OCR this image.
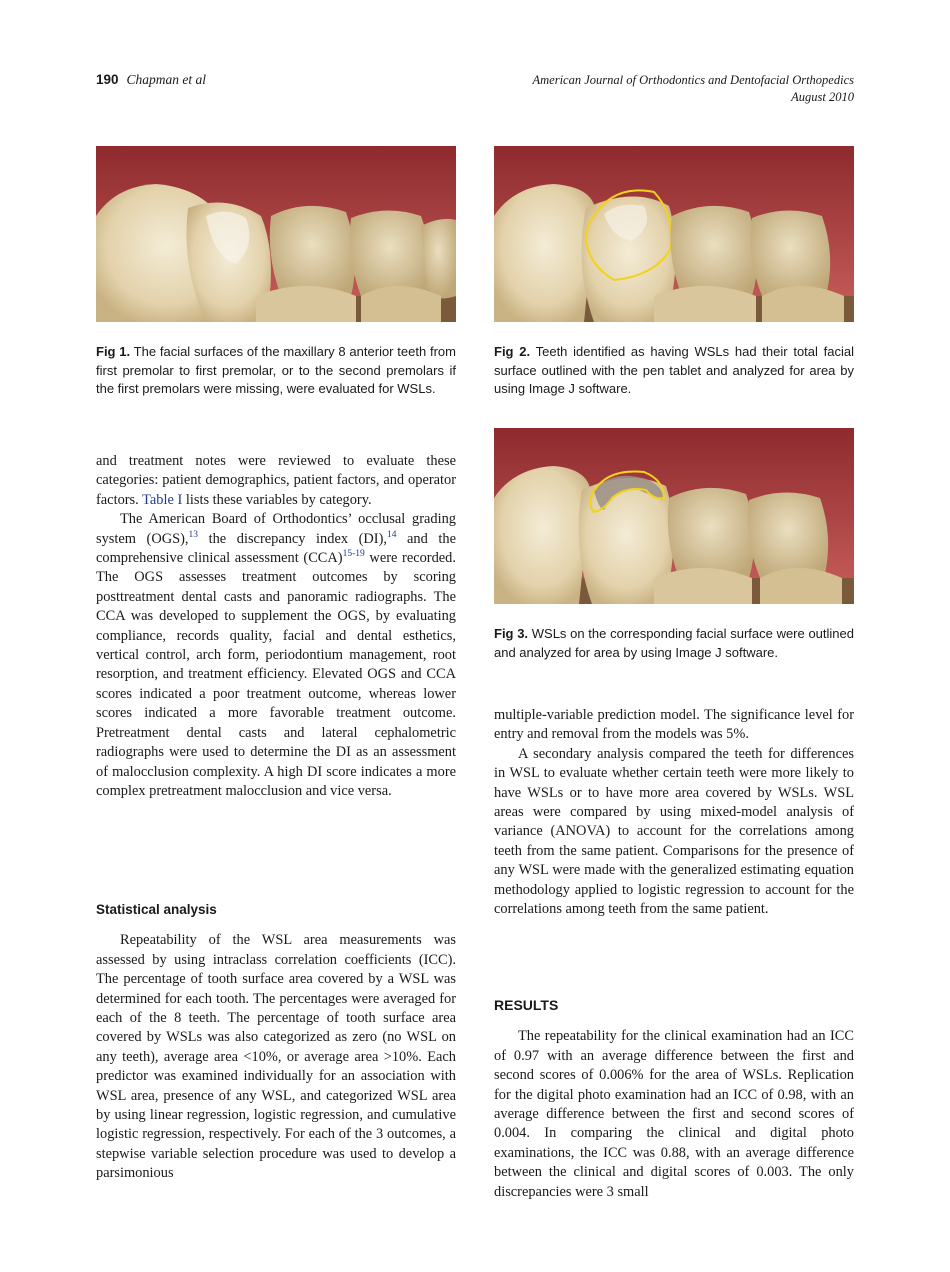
190 Chapman et al	American Journal of Orthodontics and Dentofacial Orthopedics
August 2010
Fig 1. The facial surfaces of the maxillary 8 anterior teeth from first premolar to first premolar, or to the second premolars if the first premolars were missing, were evaluated for WSLs.
Fig 2. Teeth identified as having WSLs had their total facial surface outlined with the pen tablet and analyzed for area by using Image J software.
Fig 3. WSLs on the corresponding facial surface were outlined and analyzed for area by using Image J software.

and treatment notes were reviewed to evaluate these categories: patient demographics, patient factors, and operator factors. Table I lists these variables by category.

The American Board of Orthodontics’ occlusal grading system (OGS),$^{13}$ the discrepancy index (DI),$^{14}$ and the comprehensive clinical assessment (CCA)$^{15-19}$ were recorded. The OGS assesses treatment outcomes by scoring posttreatment dental casts and panoramic radiographs. The CCA was developed to supplement the OGS, by evaluating compliance, records quality, facial and dental esthetics, vertical control, arch form, periodontium management, root resorption, and treatment efficiency. Elevated OGS and CCA scores indicated a poor treatment outcome, whereas lower scores indicated a more favorable treatment outcome. Pretreatment dental casts and lateral cephalometric radiographs were used to determine the DI as an assessment of malocclusion complexity. A high DI score indicates a more complex pretreatment malocclusion and vice versa.

Statistical analysis

Repeatability of the WSL area measurements was assessed by using intraclass correlation coefficients (ICC). The percentage of tooth surface area covered by a WSL was determined for each tooth. The percentages were averaged for each of the 8 teeth. The percentage of tooth surface area covered by WSLs was also categorized as zero (no WSL on any teeth), average area <10%, or average area >10%. Each predictor was examined individually for an association with WSL area, presence of any WSL, and categorized WSL area by using linear regression, logistic regression, and cumulative logistic regression, respectively. For each of the 3 outcomes, a stepwise variable selection procedure was used to develop a parsimonious

multiple-variable prediction model. The significance level for entry and removal from the models was 5%.

A secondary analysis compared the teeth for differences in WSL to evaluate whether certain teeth were more likely to have WSLs or to have more area covered by WSLs. WSL areas were compared by using mixed-model analysis of variance (ANOVA) to account for the correlations among teeth from the same patient. Comparisons for the presence of any WSL were made with the generalized estimating equation methodology applied to logistic regression to account for the correlations among teeth from the same patient.

RESULTS

The repeatability for the clinical examination had an ICC of 0.97 with an average difference between the first and second scores of 0.006% for the area of WSLs. Replication for the digital photo examination had an ICC of 0.98, with an average difference between the first and second scores of 0.004. In comparing the clinical and digital photo examinations, the ICC was 0.88, with an average difference between the clinical and digital scores of 0.003. The only discrepancies were 3 small
